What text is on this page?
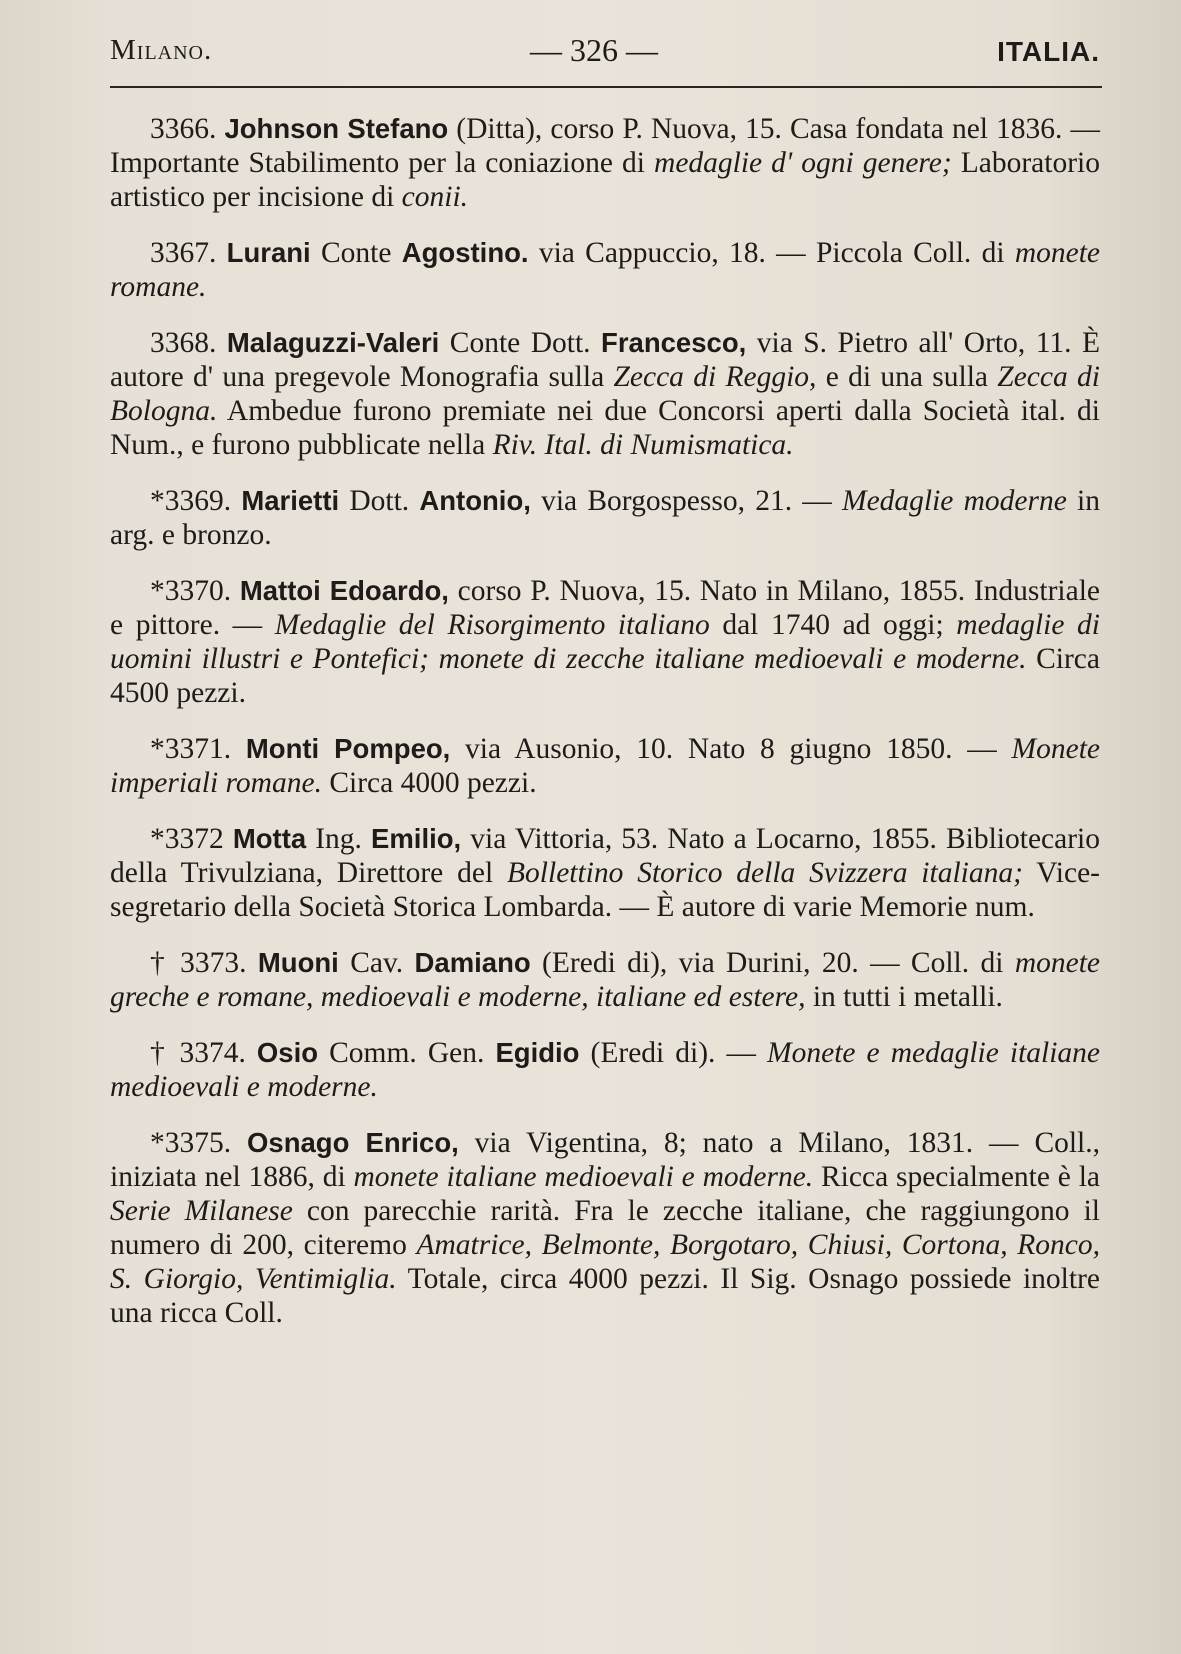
Milano.	— 326 —	ITALIA.

3366. Johnson Stefano (Ditta), corso P. Nuova, 15. Casa fondata nel 1836. — Importante Stabilimento per la coniazione di medaglie d' ogni genere; Laboratorio artistico per incisione di conii.

3367. Lurani Conte Agostino. via Cappuccio, 18. — Piccola Coll. di monete romane.

3368. Malaguzzi-Valeri Conte Dott. Francesco, via S. Pietro all' Orto, 11. È autore d' una pregevole Monografia sulla Zecca di Reggio, e di una sulla Zecca di Bologna. Ambedue furono premiate nei due Concorsi aperti dalla Società ital. di Num., e furono pubblicate nella Riv. Ital. di Numismatica.

*3369. Marietti Dott. Antonio, via Borgospesso, 21. — Medaglie moderne in arg. e bronzo.

*3370. Mattoi Edoardo, corso P. Nuova, 15. Nato in Milano, 1855. Industriale e pittore. — Medaglie del Risorgimento italiano dal 1740 ad oggi; medaglie di uomini illustri e Pontefici; monete di zecche italiane medioevali e moderne. Circa 4500 pezzi.

*3371. Monti Pompeo, via Ausonio, 10. Nato 8 giugno 1850. — Monete imperiali romane. Circa 4000 pezzi.

*3372 Motta Ing. Emilio, via Vittoria, 53. Nato a Locarno, 1855. Bibliotecario della Trivulziana, Direttore del Bollettino Storico della Svizzera italiana; Vice-segretario della Società Storica Lombarda. — È autore di varie Memorie num.

† 3373. Muoni Cav. Damiano (Eredi di), via Durini, 20. — Coll. di monete greche e romane, medioevali e moderne, italiane ed estere, in tutti i metalli.

† 3374. Osio Comm. Gen. Egidio (Eredi di). — Monete e medaglie italiane medioevali e moderne.

*3375. Osnago Enrico, via Vigentina, 8; nato a Milano, 1831. — Coll., iniziata nel 1886, di monete italiane medioevali e moderne. Ricca specialmente è la Serie Milanese con parecchie rarità. Fra le zecche italiane, che raggiungono il numero di 200, citeremo Amatrice, Belmonte, Borgotaro, Chiusi, Cortona, Ronco, S. Giorgio, Ventimiglia. Totale, circa 4000 pezzi. Il Sig. Osnago possiede inoltre una ricca Coll.
